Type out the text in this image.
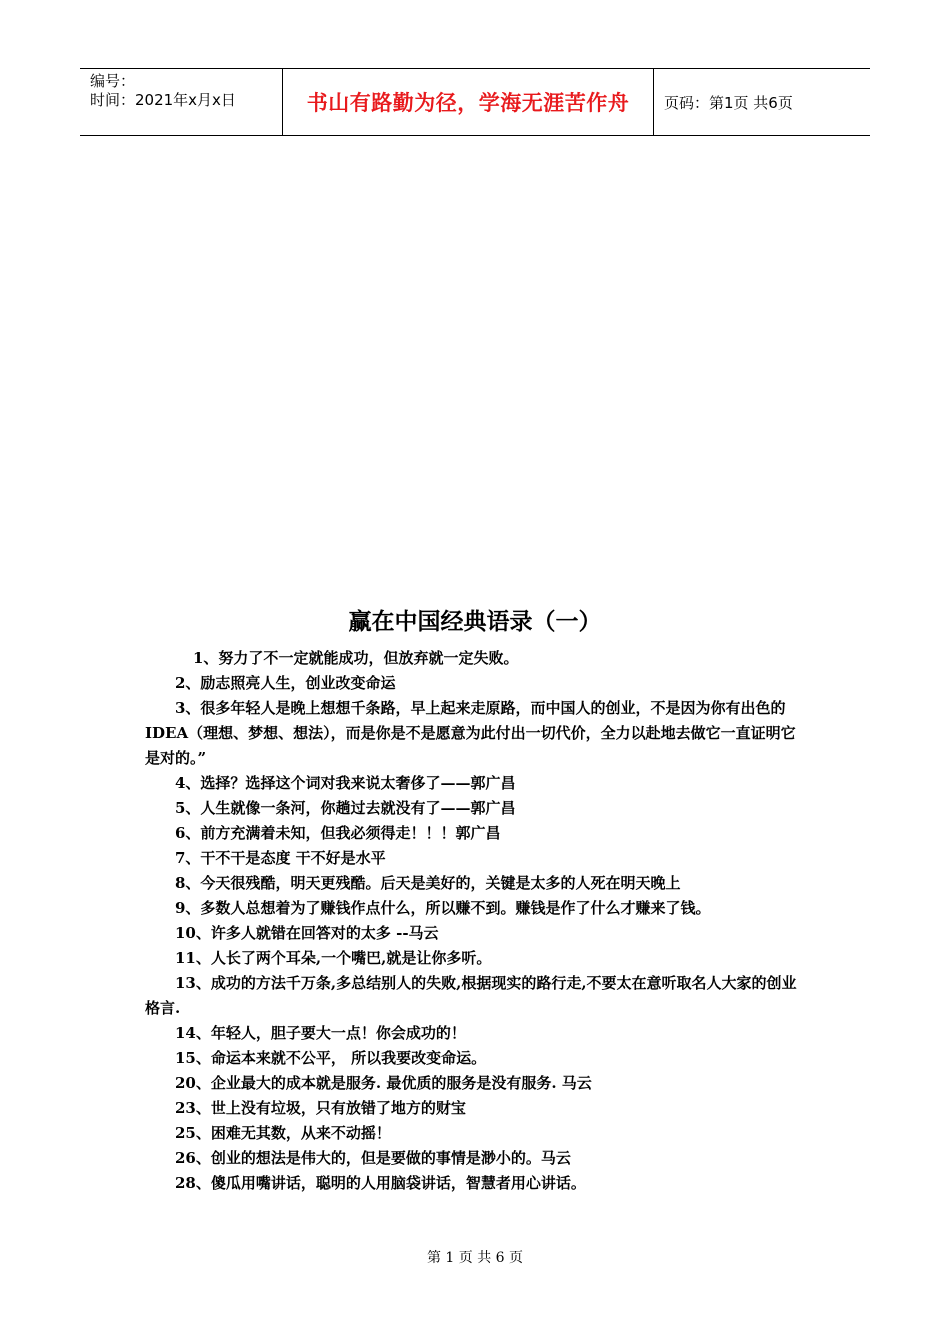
编号：
时间：2021年x月x日	书山有路勤为径，学海无涯苦作舟	页码：第1页 共6页
赢在中国经典语录（一）
1、努力了不一定就能成功，但放弃就一定失败。
2、励志照亮人生，创业改变命运
3、很多年轻人是晚上想想千条路，早上起来走原路，而中国人的创业，不是因为你有出色的IDEA（理想、梦想、想法），而是你是不是愿意为此付出一切代价，全力以赴地去做它一直证明它是对的。”
4、选择？选择这个词对我来说太奢侈了——郭广昌
5、人生就像一条河，你趟过去就没有了——郭广昌
6、前方充满着未知，但我必须得走！！！郭广昌
7、干不干是态度 干不好是水平
8、今天很残酷，明天更残酷。后天是美好的，关键是太多的人死在明天晚上
9、多数人总想着为了赚钱作点什么，所以赚不到。赚钱是作了什么才赚来了钱。
10、许多人就错在回答对的太多 --马云
11、人长了两个耳朵,一个嘴巴,就是让你多听。
13、成功的方法千万条,多总结别人的失败,根据现实的路行走,不要太在意听取名人大家的创业格言.
14、年轻人，胆子要大一点！你会成功的！
15、命运本来就不公平， 所以我要改变命运。
20、企业最大的成本就是服务. 最优质的服务是没有服务. 马云
23、世上没有垃圾，只有放错了地方的财宝
25、困难无其数，从来不动摇！
26、创业的想法是伟大的，但是要做的事情是渺小的。马云
28、傻瓜用嘴讲话，聪明的人用脑袋讲话，智慧者用心讲话。
第 1 页 共 6 页
